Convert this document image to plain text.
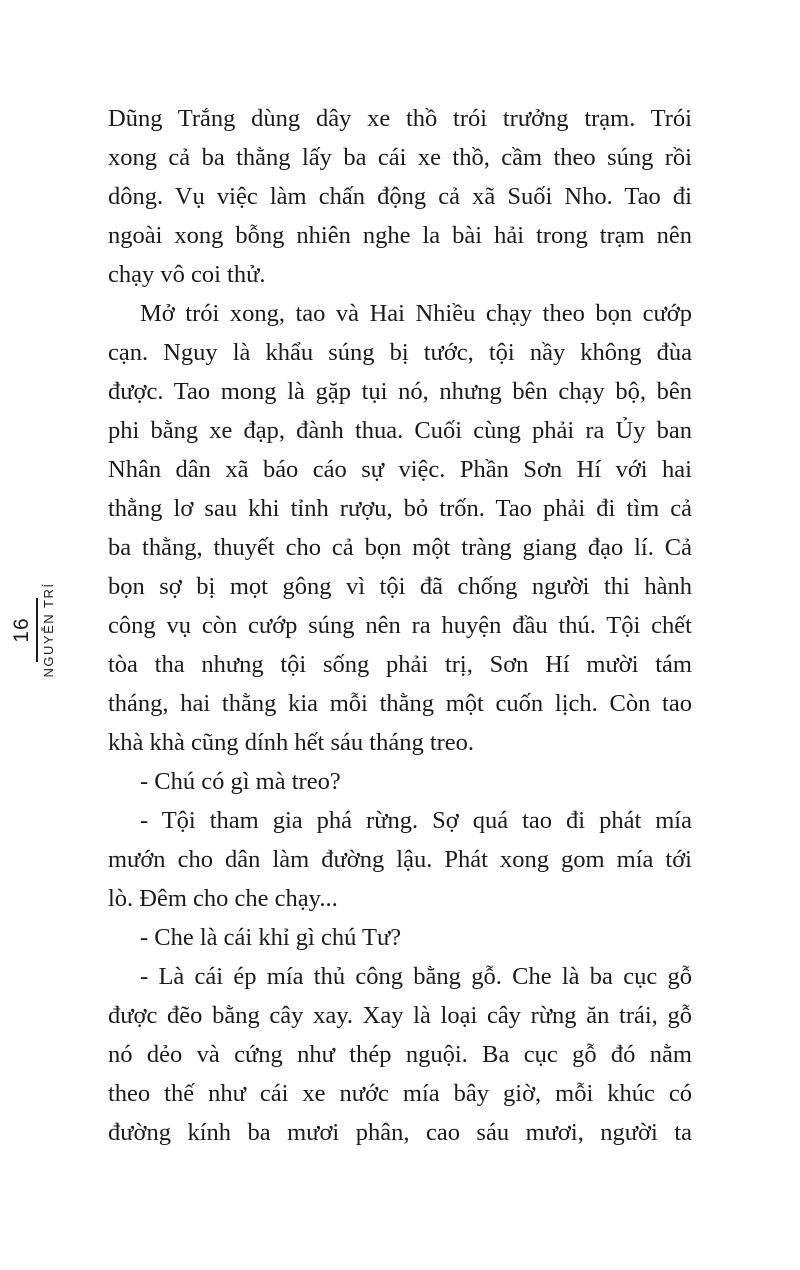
16 NGUYỄN TRÍ
Dũng Trắng dùng dây xe thồ trói trưởng trạm. Trói
xong cả ba thằng lấy ba cái xe thồ, cầm theo súng rồi
dông. Vụ việc làm chấn động cả xã Suối Nho. Tao đi
ngoài xong bỗng nhiên nghe la bài hải trong trạm nên
chạy vô coi thử.
Mở trói xong, tao và Hai Nhiều chạy theo bọn cướp
cạn. Nguy là khẩu súng bị tước, tội nầy không đùa
được. Tao mong là gặp tụi nó, nhưng bên chạy bộ, bên
phi bằng xe đạp, đành thua. Cuối cùng phải ra Ủy ban
Nhân dân xã báo cáo sự việc. Phần Sơn Hí với hai
thằng lơ sau khi tỉnh rượu, bỏ trốn. Tao phải đi tìm cả
ba thằng, thuyết cho cả bọn một tràng giang đạo lí. Cả
bọn sợ bị mọt gông vì tội đã chống người thi hành
công vụ còn cướp súng nên ra huyện đầu thú. Tội chết
tòa tha nhưng tội sống phải trị, Sơn Hí mười tám
tháng, hai thằng kia mỗi thằng một cuốn lịch. Còn tao
khà khà cũng dính hết sáu tháng treo.
- Chú có gì mà treo?
- Tội tham gia phá rừng. Sợ quá tao đi phát mía
mướn cho dân làm đường lậu. Phát xong gom mía tới
lò. Đêm cho che chạy...
- Che là cái khỉ gì chú Tư?
- Là cái ép mía thủ công bằng gỗ. Che là ba cục gỗ
được đẽo bằng cây xay. Xay là loại cây rừng ăn trái, gỗ
nó dẻo và cứng như thép nguội. Ba cục gỗ đó nằm
theo thế như cái xe nước mía bây giờ, mỗi khúc có
đường kính ba mươi phân, cao sáu mươi, người ta
